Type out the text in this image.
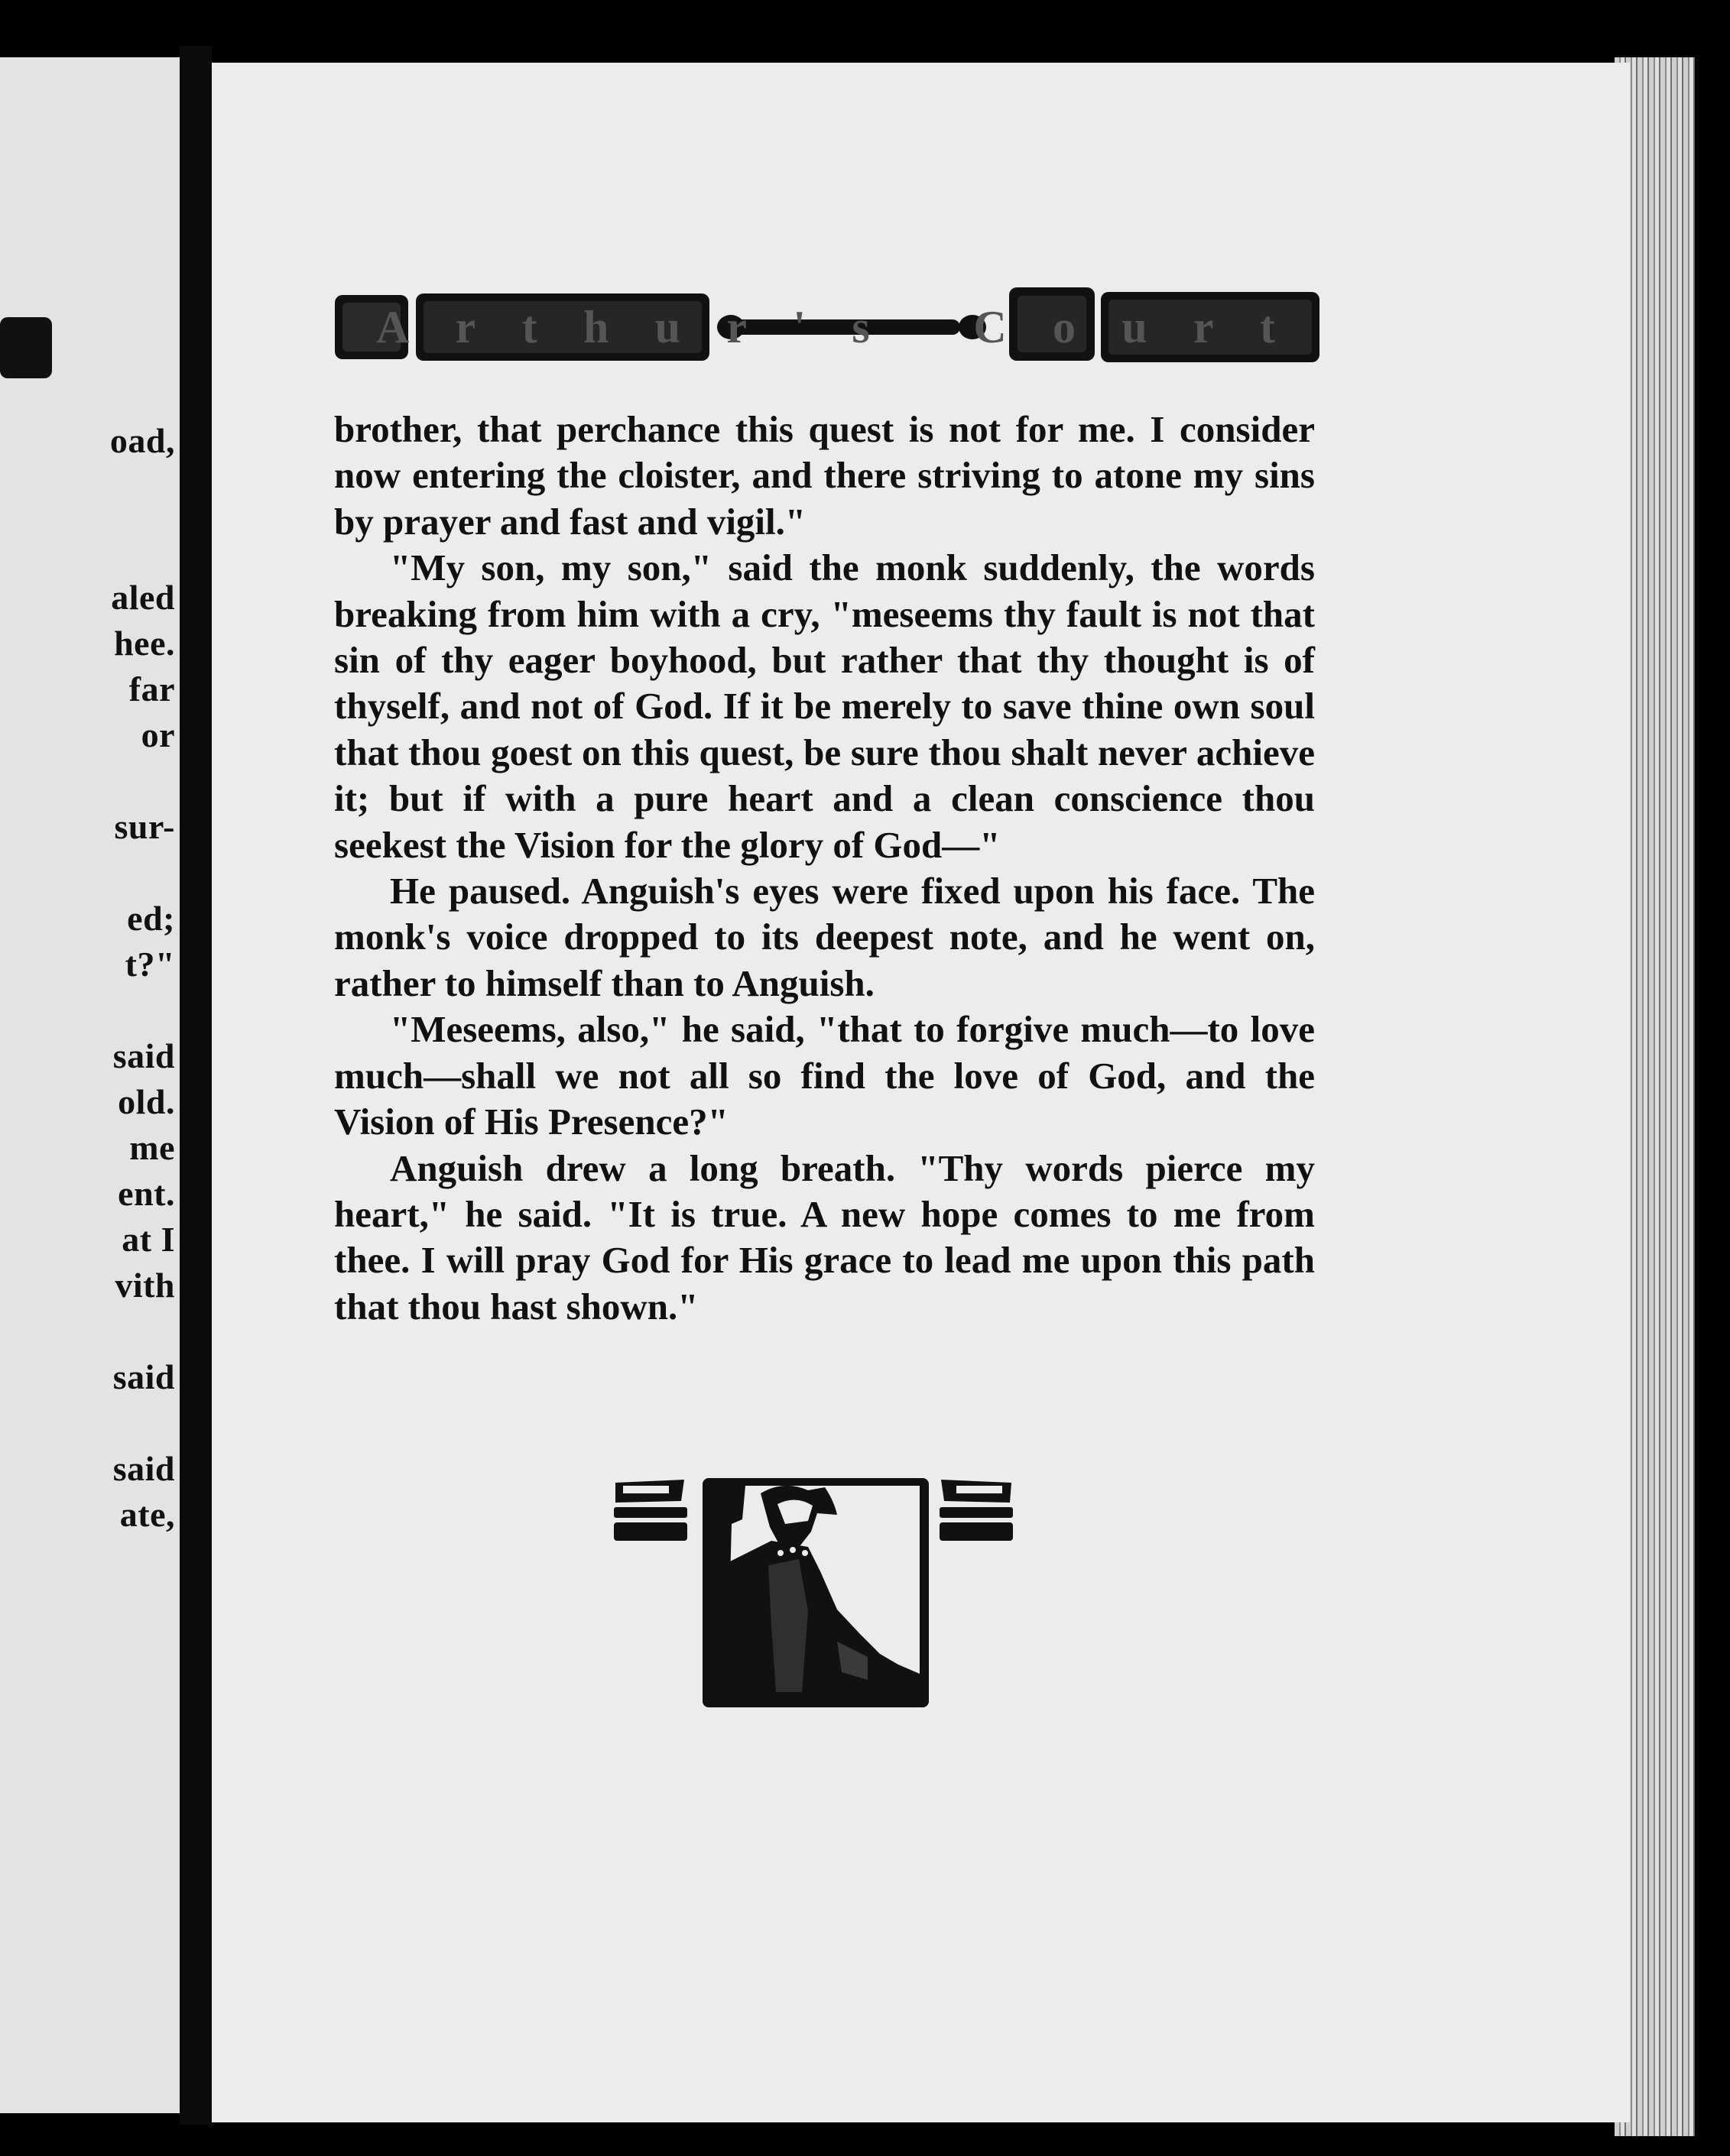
oad,
aled
hee.
far
or
sur-
ed;
t?"
said
old.
me
ent.
at I
vith
said
said
ate,
Arthur's Court

brother, that perchance this quest is not for me. I consider now entering the cloister, and there striving to atone my sins by prayer and fast and vigil."

"My son, my son," said the monk suddenly, the words breaking from him with a cry, "meseems thy fault is not that sin of thy eager boyhood, but rather that thy thought is of thyself, and not of God. If it be merely to save thine own soul that thou goest on this quest, be sure thou shalt never achieve it; but if with a pure heart and a clean conscience thou seekest the Vision for the glory of God—"

He paused. Anguish's eyes were fixed upon his face. The monk's voice dropped to its deepest note, and he went on, rather to himself than to Anguish.

"Meseems, also," he said, "that to forgive much—to love much—shall we not all so find the love of God, and the Vision of His Presence?"

Anguish drew a long breath. "Thy words pierce my heart," he said. "It is true. A new hope comes to me from thee. I will pray God for His grace to lead me upon this path that thou hast shown."
